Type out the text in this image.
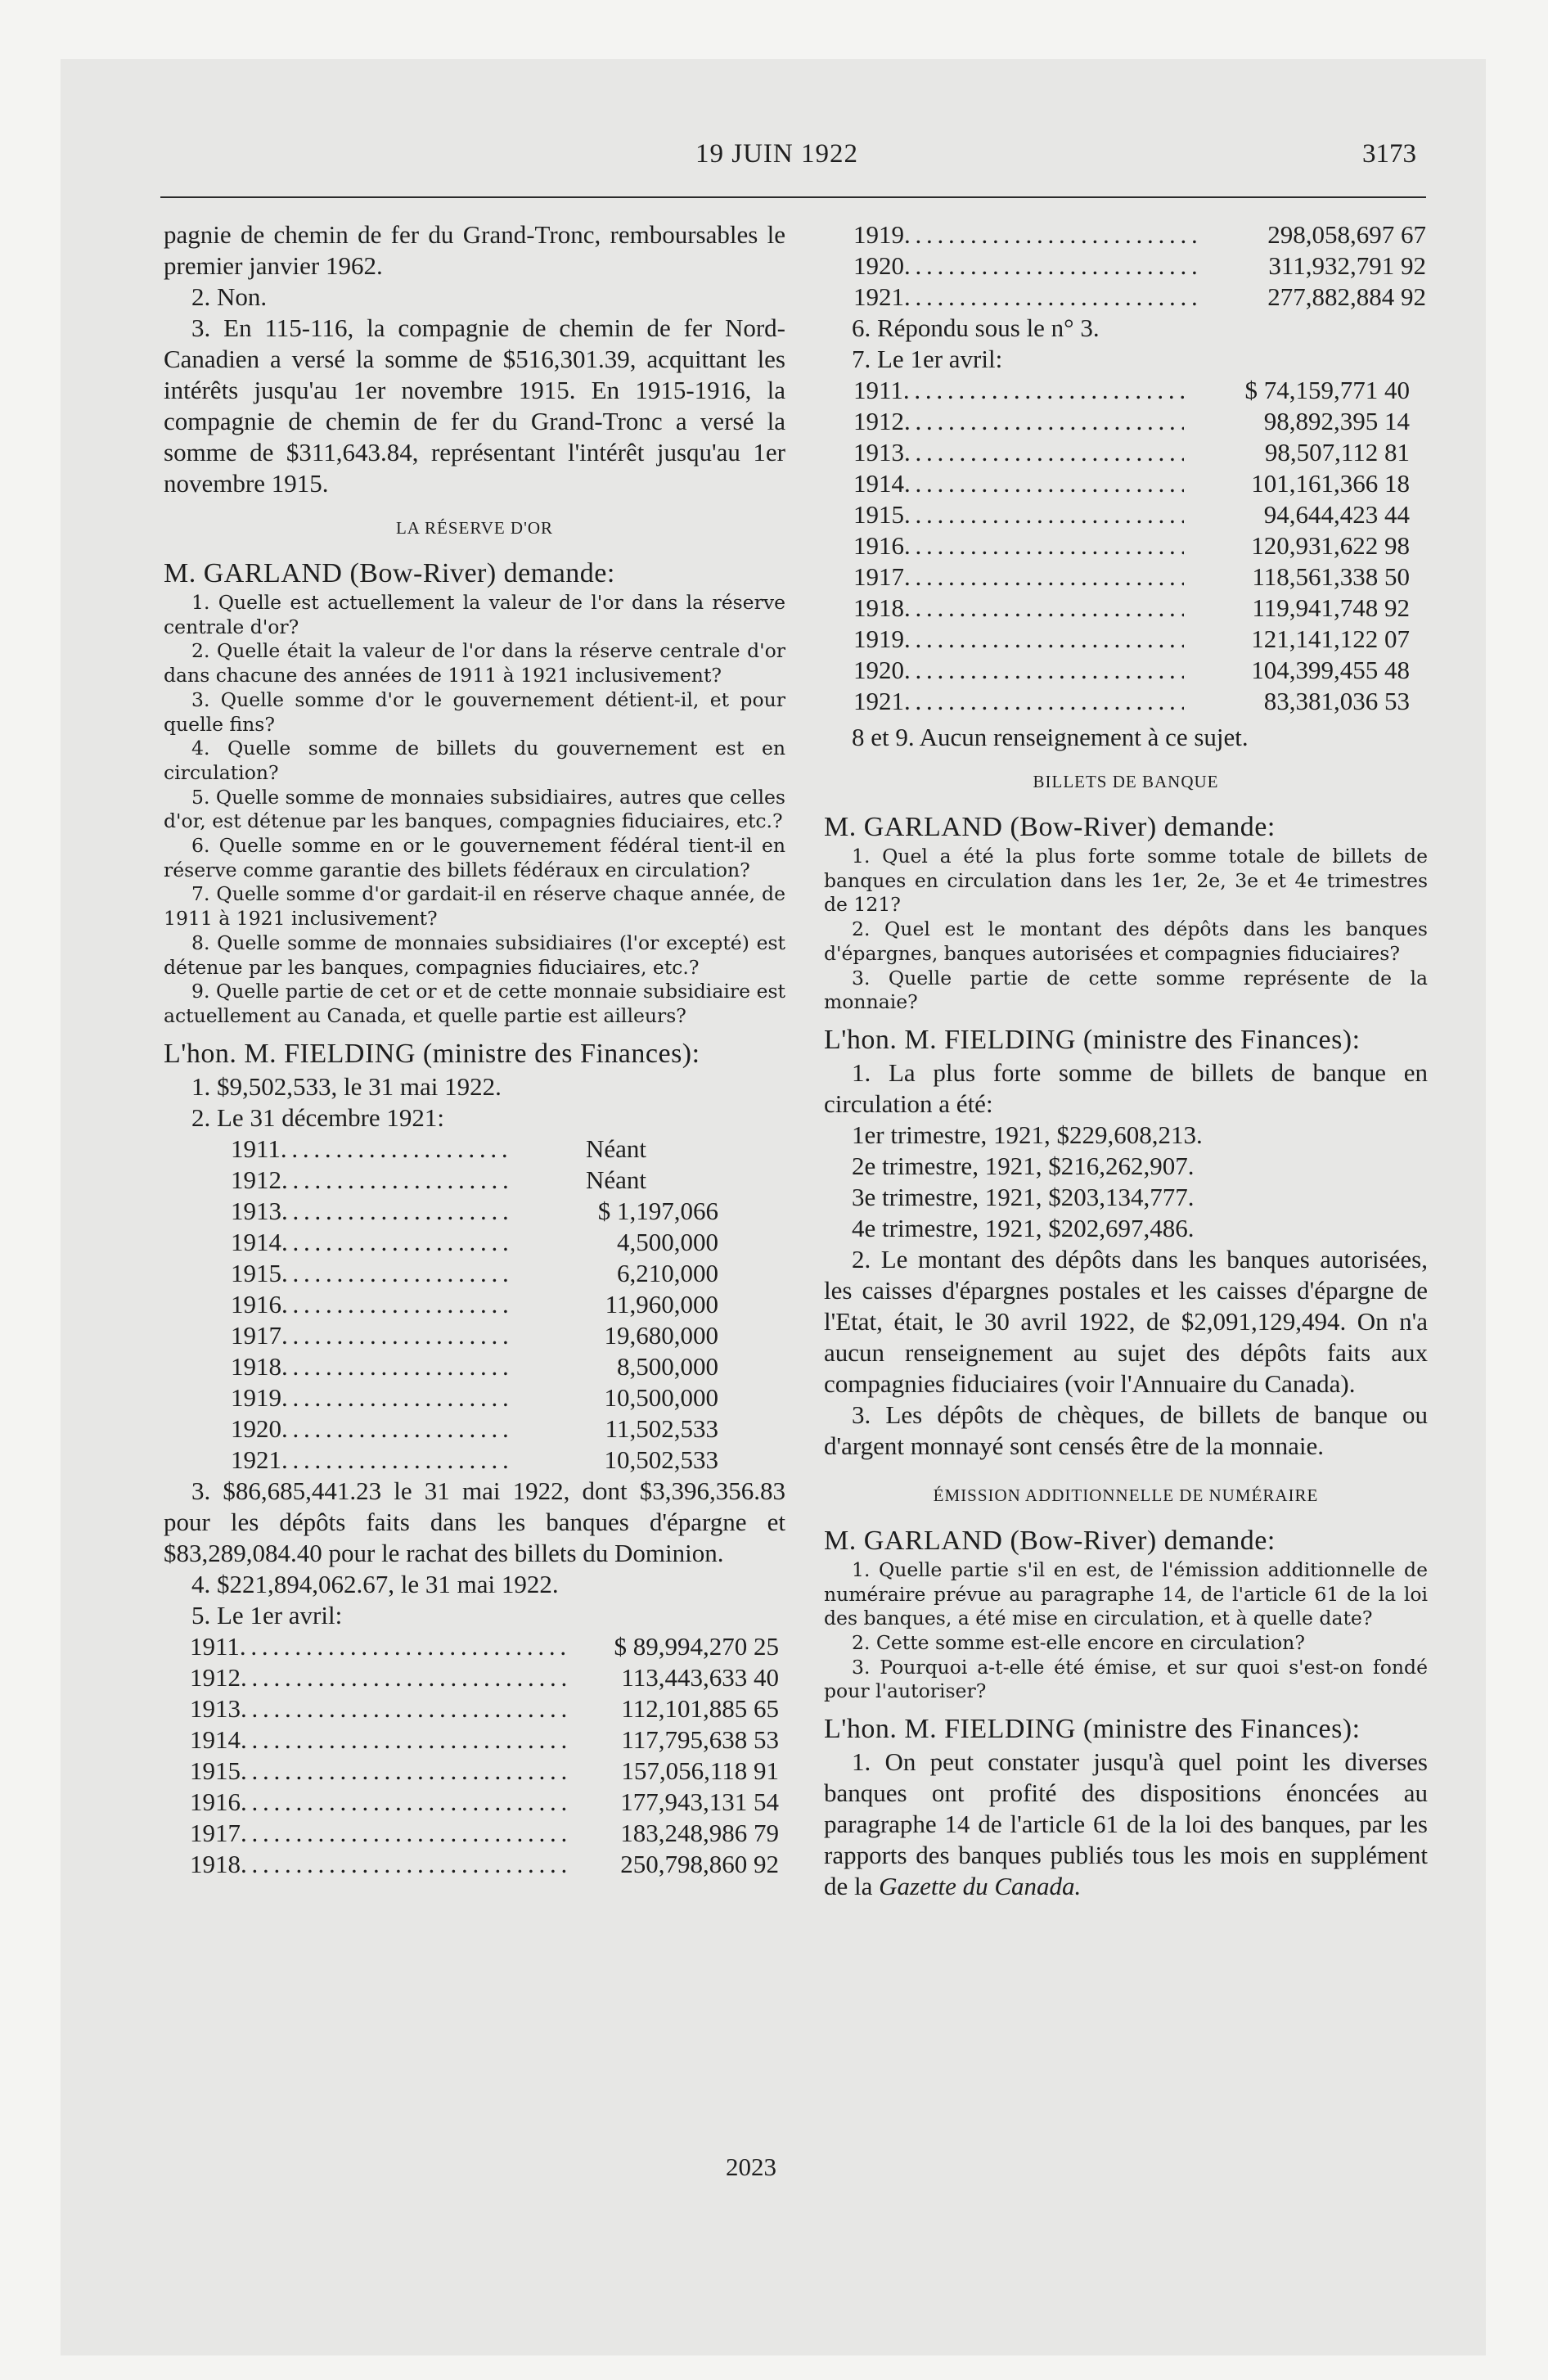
19 JUIN 1922	3173

pagnie de chemin de fer du Grand-Tronc, remboursables le premier janvier 1962.

2. Non.

3. En 115-116, la compagnie de chemin de fer Nord-Canadien a versé la somme de $516,301.39, acquittant les intérêts jusqu'au 1er novembre 1915. En 1915-1916, la compagnie de chemin de fer du Grand-Tronc a versé la somme de $311,643.84, représentant l'intérêt jusqu'au 1er novembre 1915.

LA RÉSERVE D'OR

M. GARLAND (Bow-River) demande:

1. Quelle est actuellement la valeur de l'or dans la réserve centrale d'or?

2. Quelle était la valeur de l'or dans la réserve centrale d'or dans chacune des années de 1911 à 1921 inclusivement?

3. Quelle somme d'or le gouvernement détient-il, et pour quelle fins?

4. Quelle somme de billets du gouvernement est en circulation?

5. Quelle somme de monnaies subsidiaires, autres que celles d'or, est détenue par les banques, compagnies fiduciaires, etc.?

6. Quelle somme en or le gouvernement fédéral tient-il en réserve comme garantie des billets fédéraux en circulation?

7. Quelle somme d'or gardait-il en réserve chaque année, de 1911 à 1921 inclusivement?

8. Quelle somme de monnaies subsidiaires (l'or excepté) est détenue par les banques, compagnies fiduciaires, etc.?

9. Quelle partie de cet or et de cette monnaie subsidiaire est actuellement au Canada, et quelle partie est ailleurs?

L'hon. M. FIELDING (ministre des Finances):

1. $9,502,533, le 31 mai 1922.

2. Le 31 décembre 1921:

1911 . . .	Néant
1912 . . .	Néant
1913 . . .	$ 1,197,066
1914 . . .	4,500,000
1915 . . .	6,210,000
1916 . . .	11,960,000
1917 . . .	19,680,000
1918 . . .	8,500,000
1919 . . .	10,500,000
1920 . . .	11,502,533
1921 . . .	10,502,533

3. $86,685,441.23 le 31 mai 1922, dont $3,396,356.83 pour les dépôts faits dans les banques d'épargne et $83,289,084.40 pour le rachat des billets du Dominion.

4. $221,894,062.67, le 31 mai 1922.

5. Le 1er avril:

1911 . . .	$ 89,994,270 25
1912 . . .	113,443,633 40
1913 . . .	112,101,885 65
1914 . . .	117,795,638 53
1915 . . .	157,056,118 91
1916 . . .	177,943,131 54
1917 . . .	183,248,986 79
1918 . . .	250,798,860 92
1919 . . .	298,058,697 67
1920 . . .	311,932,791 92
1921 . . .	277,882,884 92

6. Répondu sous le n° 3.

7. Le 1er avril:

1911 . . .	$ 74,159,771 40
1912 . . .	98,892,395 14
1913 . . .	98,507,112 81
1914 . . .	101,161,366 18
1915 . . .	94,644,423 44
1916 . . .	120,931,622 98
1917 . . .	118,561,338 50
1918 . . .	119,941,748 92
1919 . . .	121,141,122 07
1920 . . .	104,399,455 48
1921 . . .	83,381,036 53

8 et 9. Aucun renseignement à ce sujet.

BILLETS DE BANQUE

M. GARLAND (Bow-River) demande:

1. Quel a été la plus forte somme totale de billets de banques en circulation dans les 1er, 2e, 3e et 4e trimestres de 121?

2. Quel est le montant des dépôts dans les banques d'épargnes, banques autorisées et compagnies fiduciaires?

3. Quelle partie de cette somme représente de la monnaie?

L'hon. M. FIELDING (ministre des Finances):

1. La plus forte somme de billets de banque en circulation a été:

1er trimestre, 1921, $229,608,213.

2e trimestre, 1921, $216,262,907.

3e trimestre, 1921, $203,134,777.

4e trimestre, 1921, $202,697,486.

2. Le montant des dépôts dans les banques autorisées, les caisses d'épargnes postales et les caisses d'épargne de l'Etat, était, le 30 avril 1922, de $2,091,129,494. On n'a aucun renseignement au sujet des dépôts faits aux compagnies fiduciaires (voir l'Annuaire du Canada).

3. Les dépôts de chèques, de billets de banque ou d'argent monnayé sont censés être de la monnaie.

ÉMISSION ADDITIONNELLE DE NUMÉRAIRE

M. GARLAND (Bow-River) demande:

1. Quelle partie s'il en est, de l'émission additionnelle de numéraire prévue au paragraphe 14, de l'article 61 de la loi des banques, a été mise en circulation, et à quelle date?

2. Cette somme est-elle encore en circulation?

3. Pourquoi a-t-elle été émise, et sur quoi s'est-on fondé pour l'autoriser?

L'hon. M. FIELDING (ministre des Finances):

1. On peut constater jusqu'à quel point les diverses banques ont profité des dispositions énoncées au paragraphe 14 de l'article 61 de la loi des banques, par les rapports des banques publiés tous les mois en supplément de la Gazette du Canada.

2023
